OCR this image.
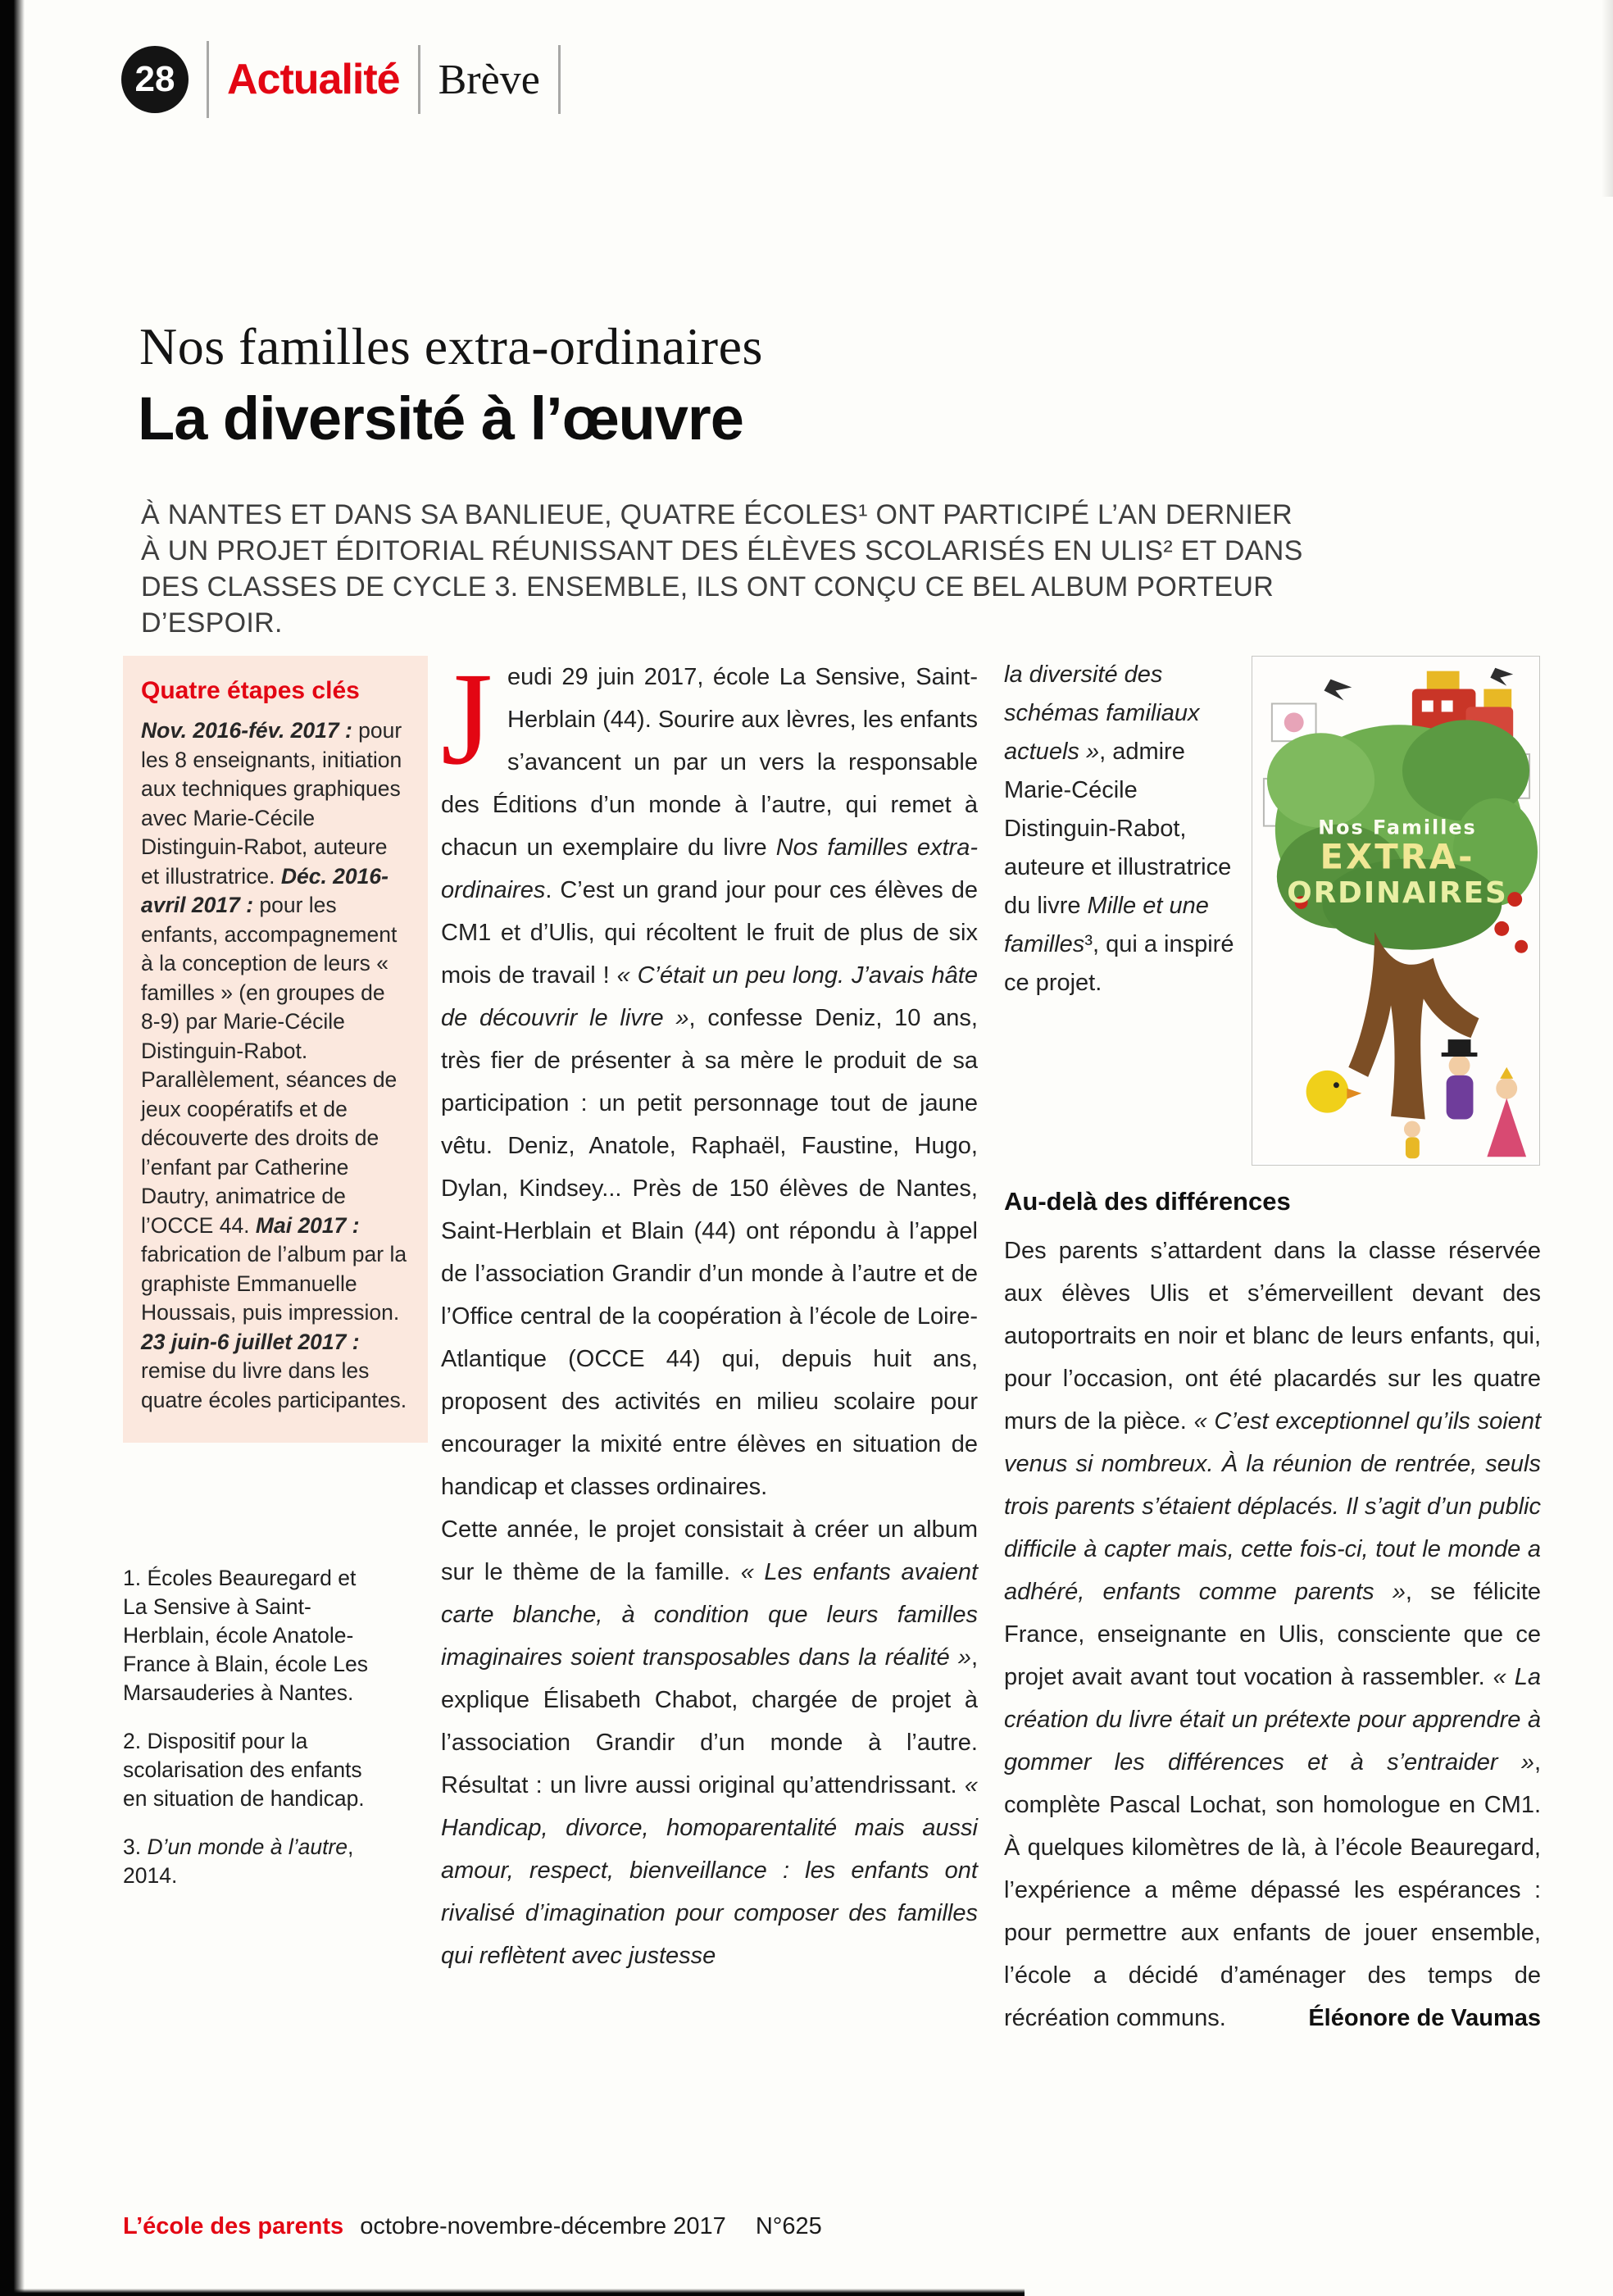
28	Actualité Brève
Nos familles extra-ordinaires
La diversité à l’œuvre

À NANTES ET DANS SA BANLIEUE, QUATRE ÉCOLES¹ ONT PARTICIPÉ L’AN DERNIER À UN PROJET ÉDITORIAL RÉUNISSANT DES ÉLÈVES SCOLARISÉS EN ULIS² ET DANS DES CLASSES DE CYCLE 3. ENSEMBLE, ILS ONT CONÇU CE BEL ALBUM PORTEUR D’ESPOIR.

Quatre étapes clés

Nov. 2016-fév. 2017 : pour les 8 enseignants, initiation aux techniques graphiques avec Marie-Cécile Distinguin-Rabot, auteure et illustratrice. Déc. 2016-avril 2017 : pour les enfants, accompagnement à la conception de leurs « familles » (en groupes de 8-9) par Marie-Cécile Distinguin-Rabot. Parallèlement, séances de jeux coopératifs et de découverte des droits de l’enfant par Catherine Dautry, animatrice de l’OCCE 44. Mai 2017 : fabrication de l’album par la graphiste Emmanuelle Houssais, puis impression. 23 juin-6 juillet 2017 : remise du livre dans les quatre écoles participantes.

1. Écoles Beauregard et La Sensive à Saint-Herblain, école Anatole-France à Blain, école Les Marsauderies à Nantes.

2. Dispositif pour la scolarisation des enfants en situation de handicap.

3. D’un monde à l’autre, 2014.

Jeudi 29 juin 2017, école La Sensive, Saint-Herblain (44). Sourire aux lèvres, les enfants s’avancent un par un vers la responsable des Éditions d’un monde à l’autre, qui remet à chacun un exemplaire du livre Nos familles extra-ordinaires. C’est un grand jour pour ces élèves de CM1 et d’Ulis, qui récoltent le fruit de plus de six mois de travail ! « C’était un peu long. J’avais hâte de découvrir le livre », confesse Deniz, 10 ans, très fier de présenter à sa mère le produit de sa participation : un petit personnage tout de jaune vêtu. Deniz, Anatole, Raphaël, Faustine, Hugo, Dylan, Kindsey... Près de 150 élèves de Nantes, Saint-Herblain et Blain (44) ont répondu à l’appel de l’association Grandir d’un monde à l’autre et de l’Office central de la coopération à l’école de Loire-Atlantique (OCCE 44) qui, depuis huit ans, proposent des activités en milieu scolaire pour encourager la mixité entre élèves en situation de handicap et classes ordinaires.

Cette année, le projet consistait à créer un album sur le thème de la famille. « Les enfants avaient carte blanche, à condition que leurs familles imaginaires soient transposables dans la réalité », explique Élisabeth Chabot, chargée de projet à l’association Grandir d’un monde à l’autre. Résultat : un livre aussi original qu’attendrissant. « Handicap, divorce, homoparentalité mais aussi amour, respect, bienveillance : les enfants ont rivalisé d’imagination pour composer des familles qui reflètent avec justesse

la diversité des schémas familiaux actuels », admire Marie-Cécile Distinguin-Rabot, auteure et illustratrice du livre Mille et une familles³, qui a inspiré ce projet.

Nos Familles
EXTRA-
ORDINAIRES
Au-delà des différences

Des parents s’attardent dans la classe réservée aux élèves Ulis et s’émerveillent devant des autoportraits en noir et blanc de leurs enfants, qui, pour l’occasion, ont été placardés sur les quatre murs de la pièce. « C’est exceptionnel qu’ils soient venus si nombreux. À la réunion de rentrée, seuls trois parents s’étaient déplacés. Il s’agit d’un public difficile à capter mais, cette fois-ci, tout le monde a adhéré, enfants comme parents », se félicite France, enseignante en Ulis, consciente que ce projet avait avant tout vocation à rassembler. « La création du livre était un prétexte pour apprendre à gommer les différences et à s’entraider », complète Pascal Lochat, son homologue en CM1. À quelques kilomètres de là, à l’école Beauregard, l’expérience a même dépassé les espérances : pour permettre aux enfants de jouer ensemble, l’école a décidé d’aménager des temps de récréation communs.	Éléonore de Vaumas

L’école des parents octobre-novembre-décembre 2017 N°625
